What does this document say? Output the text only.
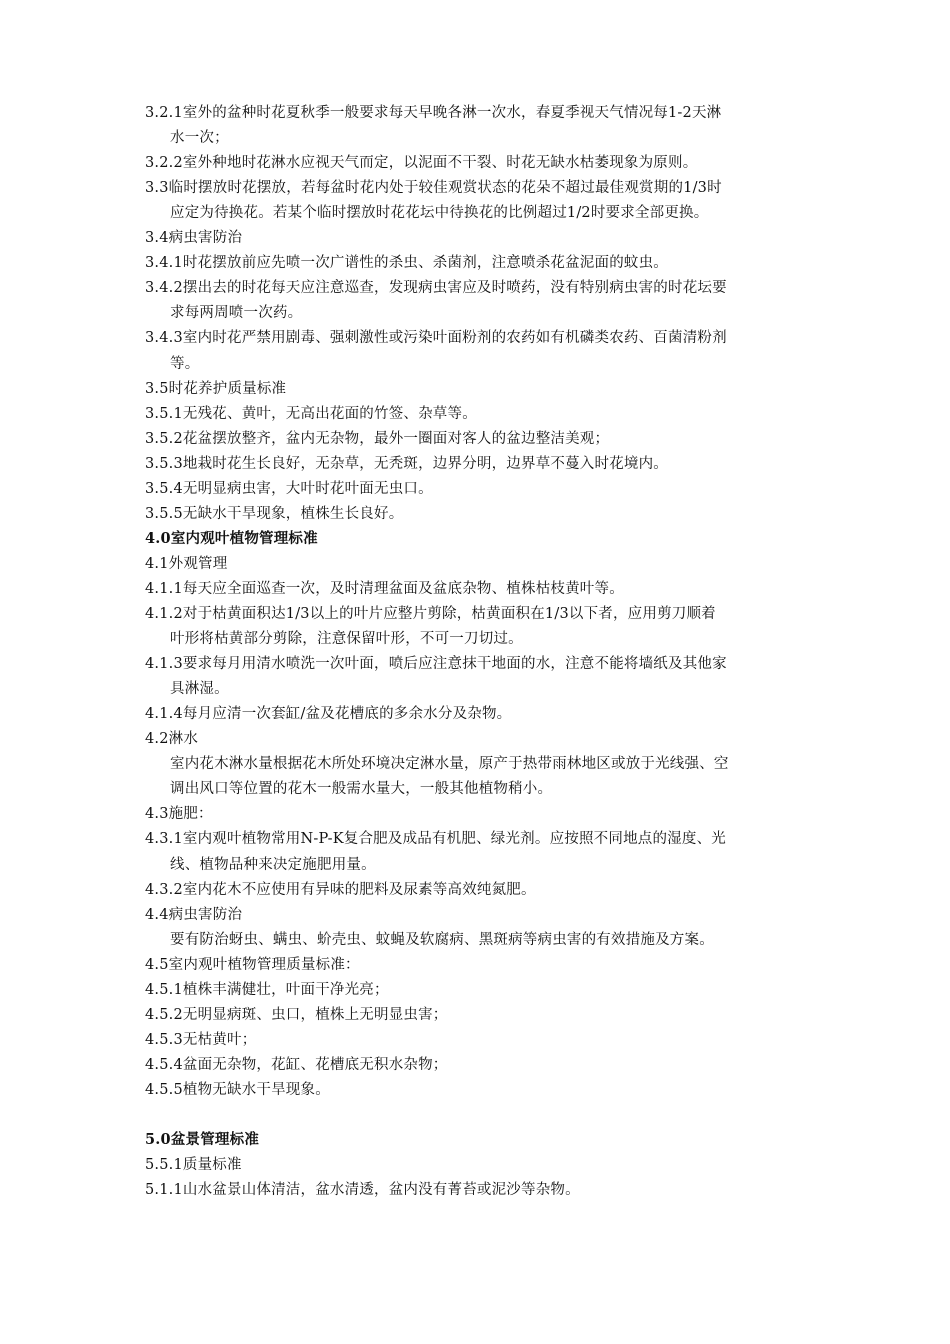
3.2.1室外的盆种时花夏秋季一般要求每天早晚各淋一次水，春夏季视天气情况每1-2天淋
水一次；
3.2.2室外种地时花淋水应视天气而定，以泥面不干裂、时花无缺水枯萎现象为原则。
3.3临时摆放时花摆放，若每盆时花内处于较佳观赏状态的花朵不超过最佳观赏期的1/3时
应定为待换花。若某个临时摆放时花花坛中待换花的比例超过1/2时要求全部更换。
3.4病虫害防治
3.4.1时花摆放前应先喷一次广谱性的杀虫、杀菌剂，注意喷杀花盆泥面的蚊虫。
3.4.2摆出去的时花每天应注意巡查，发现病虫害应及时喷药，没有特别病虫害的时花坛要
求每两周喷一次药。
3.4.3室内时花严禁用剧毒、强刺激性或污染叶面粉剂的农药如有机磷类农药、百菌清粉剂
等。
3.5时花养护质量标准
3.5.1无残花、黄叶，无高出花面的竹签、杂草等。
3.5.2花盆摆放整齐，盆内无杂物，最外一圈面对客人的盆边整洁美观；
3.5.3地栽时花生长良好，无杂草，无秃斑，边界分明，边界草不蔓入时花境内。
3.5.4无明显病虫害，大叶时花叶面无虫口。
3.5.5无缺水干旱现象，植株生长良好。
4.0室内观叶植物管理标准
4.1外观管理
4.1.1每天应全面巡查一次，及时清理盆面及盆底杂物、植株枯枝黄叶等。
4.1.2对于枯黄面积达1/3以上的叶片应整片剪除，枯黄面积在1/3以下者，应用剪刀顺着
叶形将枯黄部分剪除，注意保留叶形，不可一刀切过。
4.1.3要求每月用清水喷洗一次叶面，喷后应注意抹干地面的水，注意不能将墙纸及其他家
具淋湿。
4.1.4每月应清一次套缸/盆及花槽底的多余水分及杂物。
4.2淋水
室内花木淋水量根据花木所处环境决定淋水量，原产于热带雨林地区或放于光线强、空
调出风口等位置的花木一般需水量大，一般其他植物稍小。
4.3施肥：
4.3.1室内观叶植物常用N-P-K复合肥及成品有机肥、绿光剂。应按照不同地点的湿度、光
线、植物品种来决定施肥用量。
4.3.2室内花木不应使用有异味的肥料及尿素等高效纯氮肥。
4.4病虫害防治
要有防治蚜虫、螨虫、蚧壳虫、蚊蝇及软腐病、黑斑病等病虫害的有效措施及方案。
4.5室内观叶植物管理质量标准：
4.5.1植株丰满健壮，叶面干净光亮；
4.5.2无明显病斑、虫口，植株上无明显虫害；
4.5.3无枯黄叶；
4.5.4盆面无杂物，花缸、花槽底无积水杂物；
4.5.5植物无缺水干旱现象。
5.0盆景管理标准
5.5.1质量标准
5.1.1山水盆景山体清洁，盆水清透，盆内没有菁苔或泥沙等杂物。
